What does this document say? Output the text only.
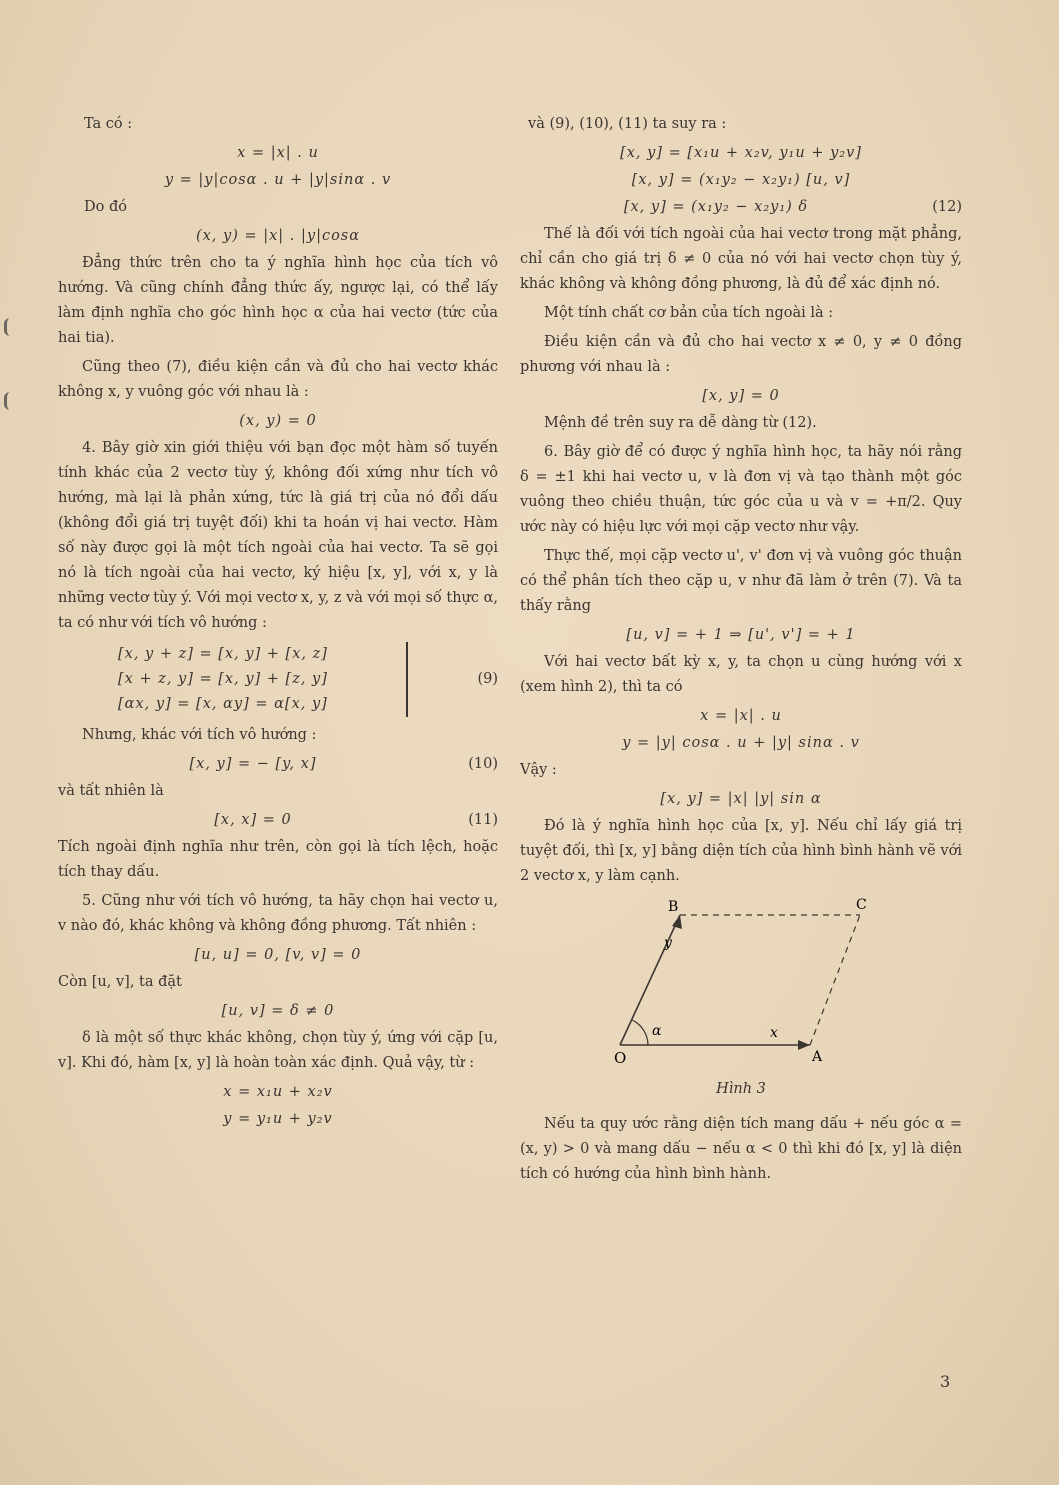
Ta có :

x = |x| . u
y = |y|cosα . u + |y|sinα . v

Do đó

(x, y) = |x| . |y|cosα

Đẳng thức trên cho ta ý nghĩa hình học của tích vô hướng. Và cũng chính đẳng thức ấy, ngược lại, có thể lấy làm định nghĩa cho góc hình học α của hai vectơ (tức của hai tia).

Cũng theo (7), điều kiện cần và đủ cho hai vectơ khác không x, y vuông góc với nhau là :

(x, y) = 0

4. Bây giờ xin giới thiệu với bạn đọc một hàm số tuyến tính khác của 2 vectơ tùy ý, không đối xứng như tích vô hướng, mà lại là phản xứng, tức là giá trị của nó đổi dấu (không đổi giá trị tuyệt đối) khi ta hoán vị hai vectơ. Hàm số này được gọi là một tích ngoài của hai vectơ. Ta sẽ gọi nó là tích ngoài của hai vectơ, ký hiệu [x, y], với x, y là những vectơ tùy ý. Với mọi vectơ x, y, z và với mọi số thực α, ta có như với tích vô hướng :

[x, y + z] = [x, y] + [x, z]
[x + z, y] = [x, y] + [z, y]
[αx, y] = [x, αy] = α[x, y]
(9)

Nhưng, khác với tích vô hướng :

[x, y] = − [y, x]	(10)

và tất nhiên là

[x, x] = 0	(11)

Tích ngoài định nghĩa như trên, còn gọi là tích lệch, hoặc tích thay dấu.

5. Cũng như với tích vô hướng, ta hãy chọn hai vectơ u, v nào đó, khác không và không đồng phương. Tất nhiên :

[u, u] = 0, [v, v] = 0

Còn [u, v], ta đặt

[u, v] = δ ≠ 0

δ là một số thực khác không, chọn tùy ý, ứng với cặp [u, v]. Khi đó, hàm [x, y] là hoàn toàn xác định. Quả vậy, từ :

x = x₁u + x₂v
y = y₁u + y₂v

và (9), (10), (11) ta suy ra :

[x, y] = [x₁u + x₂v, y₁u + y₂v]
[x, y] = (x₁y₂ − x₂y₁) [u, v]
[x, y] = (x₁y₂ − x₂y₁) δ	(12)

Thế là đối với tích ngoài của hai vectơ trong mặt phẳng, chỉ cần cho giá trị δ ≠ 0 của nó với hai vectơ chọn tùy ý, khác không và không đồng phương, là đủ để xác định nó.

Một tính chất cơ bản của tích ngoài là :

Điều kiện cần và đủ cho hai vectơ x ≠ 0, y ≠ 0 đồng phương với nhau là :

[x, y] = 0

Mệnh đề trên suy ra dễ dàng từ (12).

6. Bây giờ để có được ý nghĩa hình học, ta hãy nói rằng δ = ±1 khi hai vectơ u, v là đơn vị và tạo thành một góc vuông theo chiều thuận, tức góc của u và v = +π/2. Quy ước này có hiệu lực với mọi cặp vectơ như vậy.

Thực thế, mọi cặp vectơ u', v' đơn vị và vuông góc thuận có thể phân tích theo cặp u, v như đã làm ở trên (7). Và ta thấy rằng

[u, v] = + 1 ⇒ [u', v'] = + 1

Với hai vectơ bất kỳ x, y, ta chọn u cùng hướng với x (xem hình 2), thì ta có

x = |x| . u
y = |y| cosα . u + |y| sinα . v

Vậy :

[x, y] = |x| |y| sin α

Đó là ý nghĩa hình học của [x, y]. Nếu chỉ lấy giá trị tuyệt đối, thì [x, y] bằng diện tích của hình bình hành vẽ với 2 vectơ x, y làm cạnh.

O	A
B	C
α	x
y
Hình 3

Nếu ta quy ước rằng diện tích mang dấu + nếu góc α = (x, y) > 0 và mang dấu − nếu α < 0 thì khi đó [x, y] là diện tích có hướng của hình bình hành.

3
